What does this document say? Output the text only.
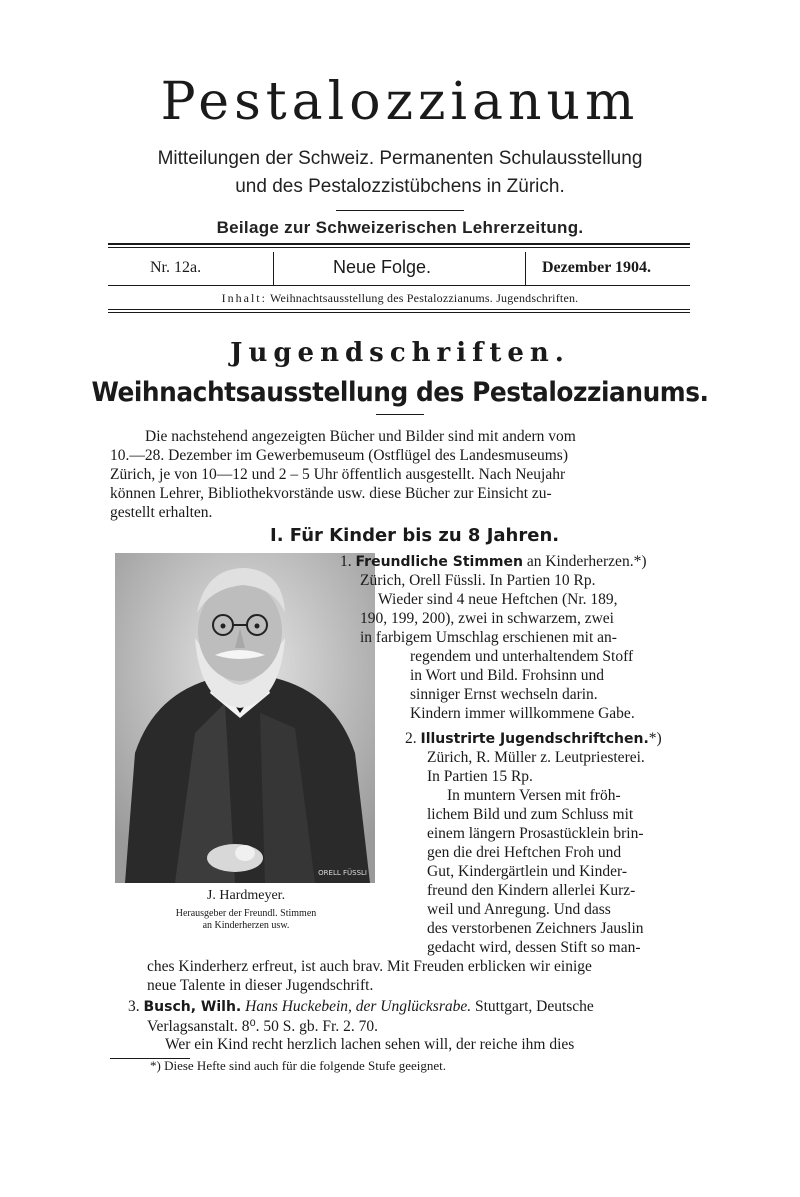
Pestalozzianum
Mitteilungen der Schweiz. Permanenten Schulausstellung
und des Pestalozzistübchens in Zürich.
Beilage zur Schweizerischen Lehrerzeitung.
Nr. 12a.	Neue Folge.	Dezember 1904.
Inhalt: Weihnachtsausstellung des Pestalozzianums. Jugendschriften.
Jugendschriften.
Weihnachtsausstellung des Pestalozzianums.
Die nachstehend angezeigten Bücher und Bilder sind mit andern vom
10.—28. Dezember im Gewerbemuseum (Ostflügel des Landesmuseums)
Zürich, je von 10—12 und 2 – 5 Uhr öffentlich ausgestellt. Nach Neujahr
können Lehrer, Bibliothekvorstände usw. diese Bücher zur Einsicht zu-
gestellt erhalten.
I. Für Kinder bis zu 8 Jahren.
ORELL FÜSSLI
J. Hardmeyer.
Herausgeber der Freundl. Stimmen
an Kinderherzen usw.
1. Freundliche Stimmen an Kinderherzen.*)
Zürich, Orell Füssli. In Partien 10 Rp.
Wieder sind 4 neue Heftchen (Nr. 189,
190, 199, 200), zwei in schwarzem, zwei
in farbigem Umschlag erschienen mit an-
regendem und unterhaltendem Stoff
in Wort und Bild. Frohsinn und
sinniger Ernst wechseln darin.
Kindern immer willkommene Gabe.
2. Illustrirte Jugendschriftchen.*)
Zürich, R. Müller z. Leutpriesterei.
In Partien 15 Rp.
In muntern Versen mit fröh-
lichem Bild und zum Schluss mit
einem längern Prosastücklein brin-
gen die drei Heftchen Froh und
Gut, Kindergärtlein und Kinder-
freund den Kindern allerlei Kurz-
weil und Anregung. Und dass
des verstorbenen Zeichners Jauslin
gedacht wird, dessen Stift so man-
ches Kinderherz erfreut, ist auch brav. Mit Freuden erblicken wir einige
neue Talente in dieser Jugendschrift.
3. Busch, Wilh. Hans Huckebein, der Unglücksrabe. Stuttgart, Deutsche
Verlagsanstalt. 8⁰. 50 S. gb. Fr. 2. 70.
Wer ein Kind recht herzlich lachen sehen will, der reiche ihm dies
*) Diese Hefte sind auch für die folgende Stufe geeignet.
